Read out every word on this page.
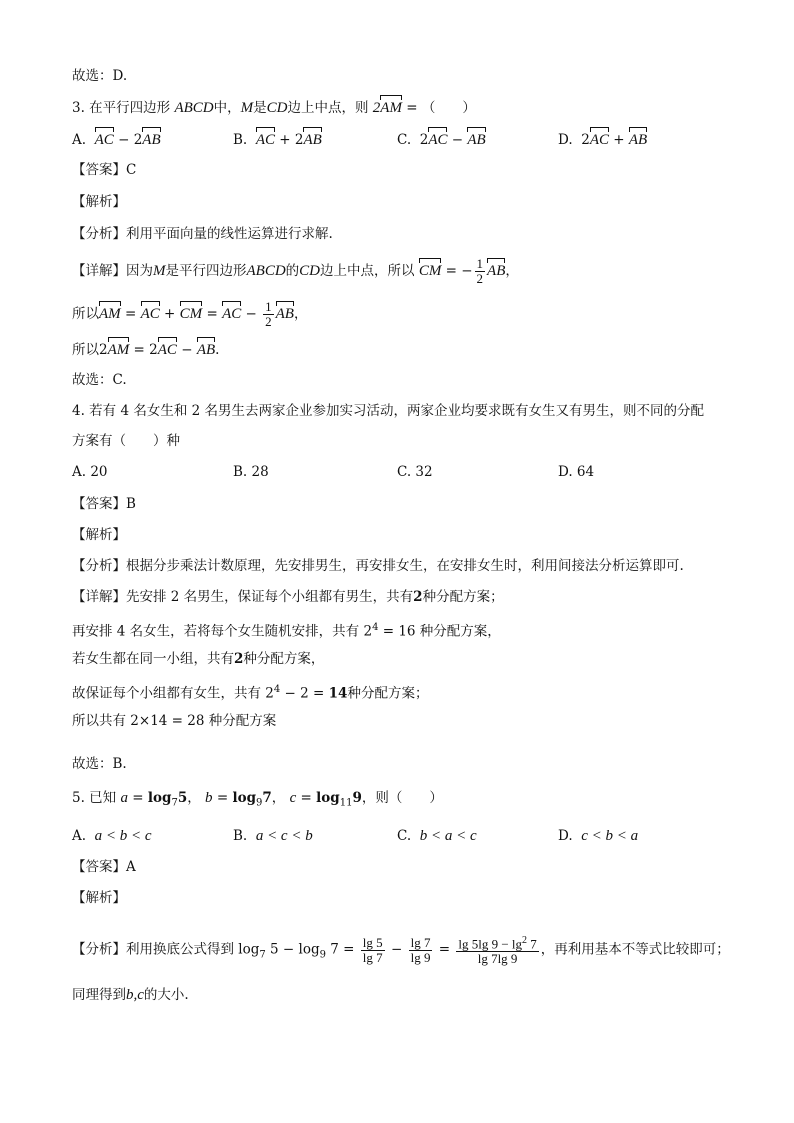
故选：D.
3. 在平行四边形 ABCD中，M是CD边上中点，则 2AM = （　　）
A. AC − 2AB	B. AC + 2AB	C.  2AC − AB	D.  2AC + AB
【答案】C
【解析】
【分析】利用平面向量的线性运算进行求解.
【详解】因为M是平行四边形ABCD的CD边上中点，所以 CM = − $\frac{1}{2}$ AB，
所以AM = AC + CM = AC − $\frac{1}{2}$ AB，
所以2AM = 2AC − AB.
故选：C.
4. 若有 4 名女生和 2 名男生去两家企业参加实习活动，两家企业均要求既有女生又有男生，则不同的分配
方案有（　　）种
A. 20	B. 28	C. 32	D. 64
【答案】B
【解析】
【分析】根据分步乘法计数原理，先安排男生，再安排女生，在安排女生时，利用间接法分析运算即可.
【详解】先安排 2 名男生，保证每个小组都有男生，共有2种分配方案；
再安排 4 名女生，若将每个女生随机安排，共有 $2^4 = 16$ 种分配方案，
若女生都在同一小组，共有2种分配方案，
故保证每个小组都有女生，共有 $2^4 - 2 = 14$种分配方案；
所以共有 2×14 = 28 种分配方案
故选：B.
5. 已知 $a = \log_75$， $b = \log_97$， $c = \log_{11}9$，则（　　）
A. a < b < c	B. a < c < b	C. b < a < c	D. c < b < a
【答案】A
【解析】
【分析】利用换底公式得到 $\log_7 5 - \log_9 7 = \frac{\lg 5}{\lg 7} - \frac{\lg 7}{\lg 9} = \frac{\lg 5\lg 9 - \lg^2 7}{\lg 7\lg 9}$ ，再利用基本不等式比较即可；
同理得到b,c的大小.
